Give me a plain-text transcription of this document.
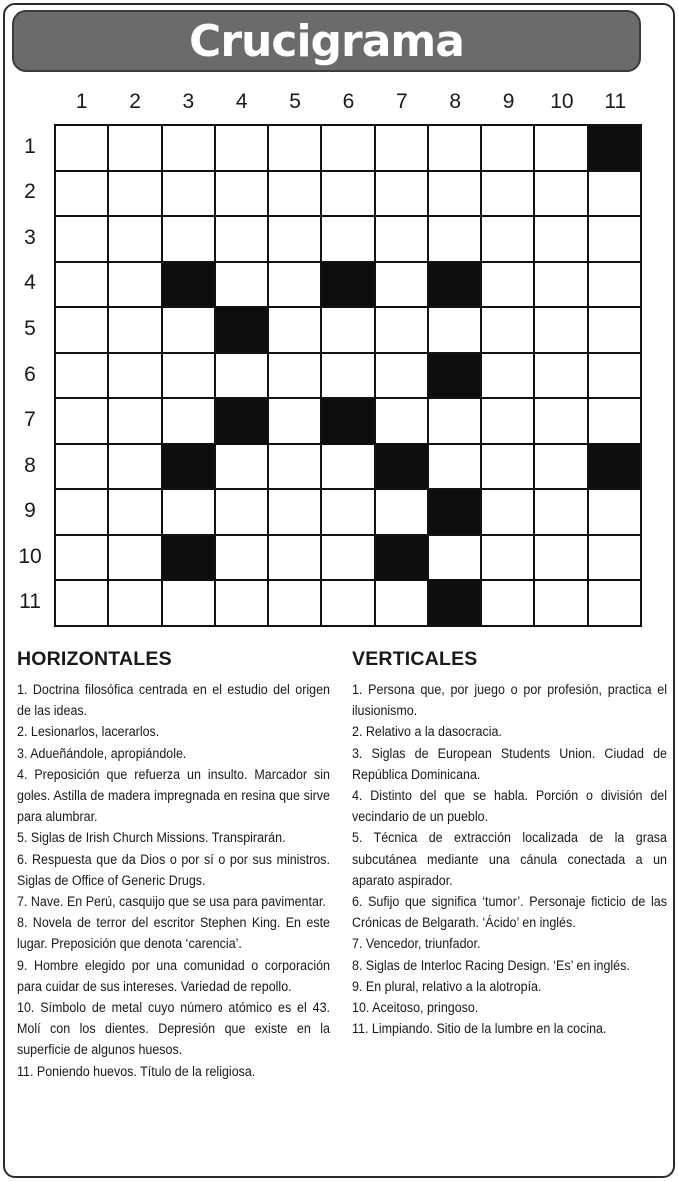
Crucigrama
1	2	3	4	5	6	7	8	9	10	11
1
2
3
4
5
6
7
8
9
10
11
HORIZONTALES

1. Doctrina filosófica centrada en el estudio del origen de las ideas.

2. Lesionarlos, lacerarlos.

3. Adueñándole, apropiándole.

4. Preposición que refuerza un insulto. Marcador sin goles. Astilla de madera impregnada en resina que sirve para alumbrar.

5. Siglas de Irish Church Missions. Transpirarán.

6. Respuesta que da Dios o por sí o por sus ministros. Siglas de Office of Generic Drugs.

7. Nave. En Perú, casquijo que se usa para pavimentar.

8. Novela de terror del escritor Stephen King. En este lugar. Preposición que denota ‘carencia’.

9. Hombre elegido por una comunidad o corporación para cuidar de sus intereses. Variedad de repollo.

10. Símbolo de metal cuyo número atómico es el 43. Molí con los dientes. Depresión que existe en la superficie de algunos huesos.

11. Poniendo huevos. Título de la religiosa.

VERTICALES

1. Persona que, por juego o por profesión, practica el ilusionismo.

2. Relativo a la dasocracia.

3. Siglas de European Students Union. Ciudad de República Dominicana.

4. Distinto del que se habla. Porción o división del vecindario de un pueblo.

5. Técnica de extracción localizada de la grasa subcutánea mediante una cánula conectada a un aparato aspirador.

6. Sufijo que significa ‘tumor’. Personaje ficticio de las Crónicas de Belgarath. ‘Ácido’ en inglés.

7. Vencedor, triunfador.

8. Siglas de Interloc Racing Design. ‘Es’ en inglés.

9. En plural, relativo a la alotropía.

10. Aceitoso, pringoso.

11. Limpiando. Sitio de la lumbre en la cocina.
